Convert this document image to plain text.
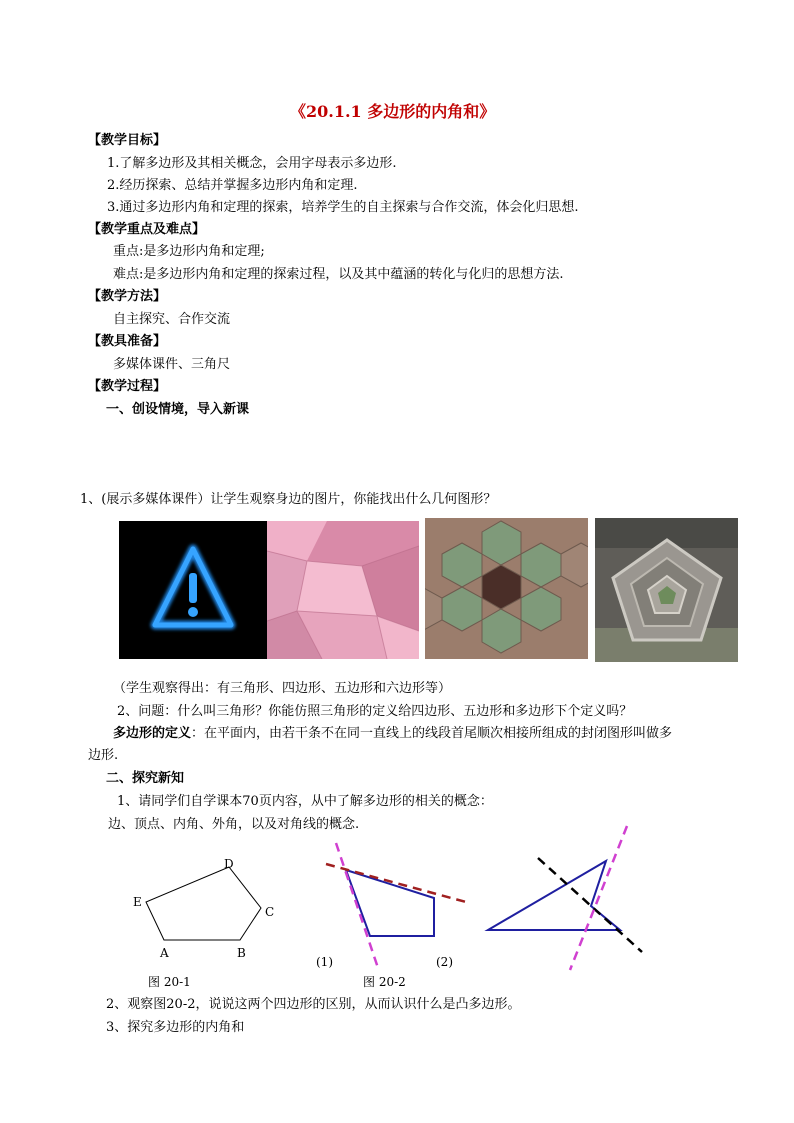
《20.1.1 多边形的内角和》
【教学目标】
1.了解多边形及其相关概念，会用字母表示多边形.
2.经历探索、总结并掌握多边形内角和定理.
3.通过多边形内角和定理的探索，培养学生的自主探索与合作交流，体会化归思想.
【教学重点及难点】
重点:是多边形内角和定理;
难点:是多边形内角和定理的探索过程，以及其中蕴涵的转化与化归的思想方法.
【教学方法】
自主探究、合作交流
【教具准备】
多媒体课件、三角尺
【教学过程】
一、创设情境，导入新课
1、(展示多媒体课件）让学生观察身边的图片，你能找出什么几何图形？
（学生观察得出：有三角形、四边形、五边形和六边形等）
2、问题：什么叫三角形？你能仿照三角形的定义给四边形、五边形和多边形下个定义吗？
多边形的定义：在平面内，由若干条不在同一直线上的线段首尾顺次相接所组成的封闭图形叫做多
边形.
二、探究新知
1、请同学们自学课本70页内容，从中了解多边形的相关的概念：
边、顶点、内角、外角，以及对角线的概念.
A	B
C
D
E
(1)	(2)
图 20-1	图 20-2
2、观察图20-2，说说这两个四边形的区别，从而认识什么是凸多边形。
3、探究多边形的内角和
